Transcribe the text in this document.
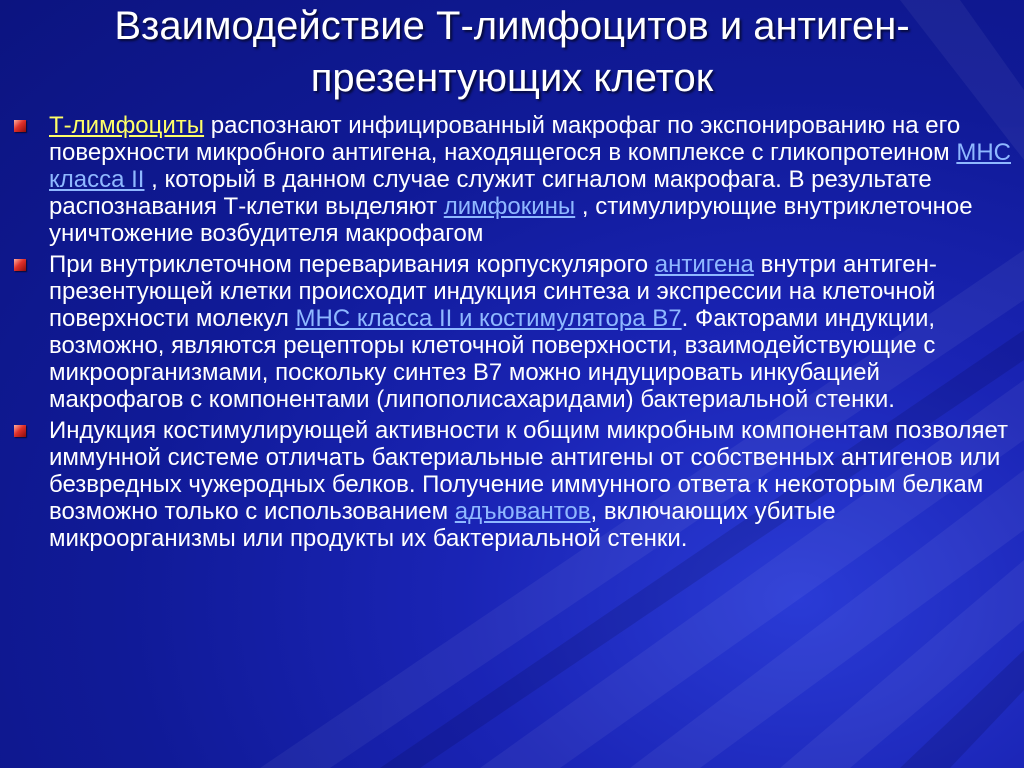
Взаимодействие Т-лимфоцитов и антиген-презентующих клеток
Т-лимфоциты распознают инфицированный макрофаг по экспонированию на его поверхности микробного антигена, находящегося в комплексе с гликопротеином МНС класса II , который в данном случае служит сигналом макрофага. В результате распознавания Т-клетки выделяют лимфокины , стимулирующие внутриклеточное уничтожение возбудителя макрофагом
При внутриклеточном переваривания корпускулярого антигена внутри антиген-презентующей клетки происходит индукция синтеза и экспрессии на клеточной поверхности молекул МНС класса II и костимулятора В7. Факторами индукции, возможно, являются рецепторы клеточной поверхности, взаимодействующие с микроорганизмами, поскольку синтез В7 можно индуцировать инкубацией макрофагов с компонентами (липополисахаридами) бактериальной стенки.
Индукция костимулирующей активности к общим микробным компонентам позволяет иммунной системе отличать бактериальные антигены от собственных антигенов или безвредных чужеродных белков. Получение иммунного ответа к некоторым белкам возможно только с использованием адъювантов, включающих убитые микроорганизмы или продукты их бактериальной стенки.
